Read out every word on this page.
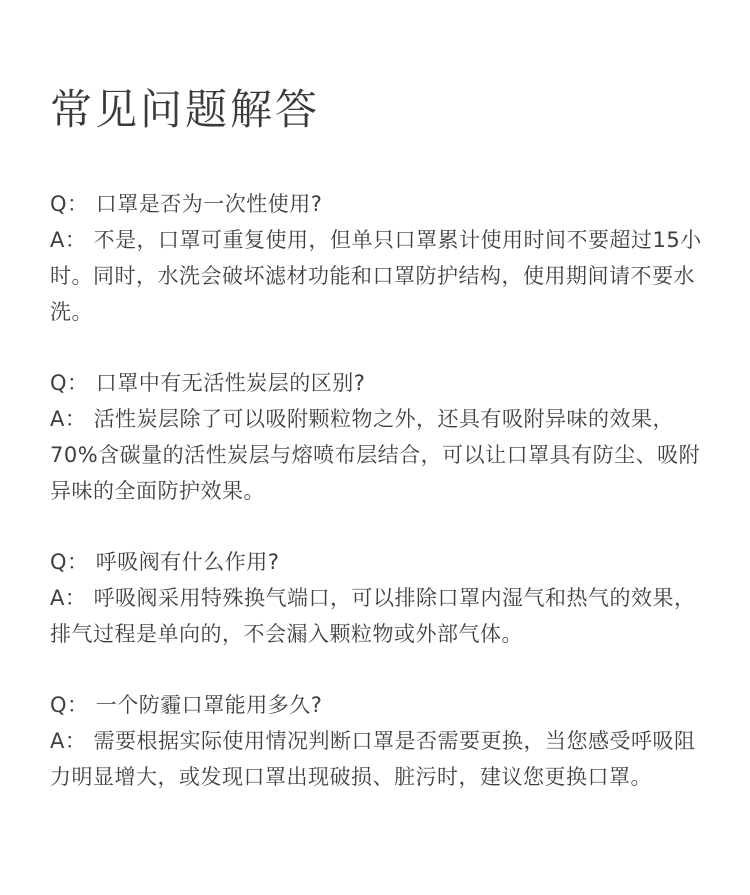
常见问题解答
Q： 口罩是否为一次性使用?
A： 不是，口罩可重复使用，但单只口罩累计使用时间不要超过15小时。同时，水洗会破坏滤材功能和口罩防护结构，使用期间请不要水洗。
Q： 口罩中有无活性炭层的区别?
A： 活性炭层除了可以吸附颗粒物之外，还具有吸附异味的效果，70%含碳量的活性炭层与熔喷布层结合，可以让口罩具有防尘、吸附异味的全面防护效果。
Q： 呼吸阀有什么作用?
A： 呼吸阀采用特殊换气端口，可以排除口罩内湿气和热气的效果，排气过程是单向的，不会漏入颗粒物或外部气体。
Q： 一个防霾口罩能用多久?
A： 需要根据实际使用情况判断口罩是否需要更换，当您感受呼吸阻力明显增大，或发现口罩出现破损、脏污时，建议您更换口罩。
